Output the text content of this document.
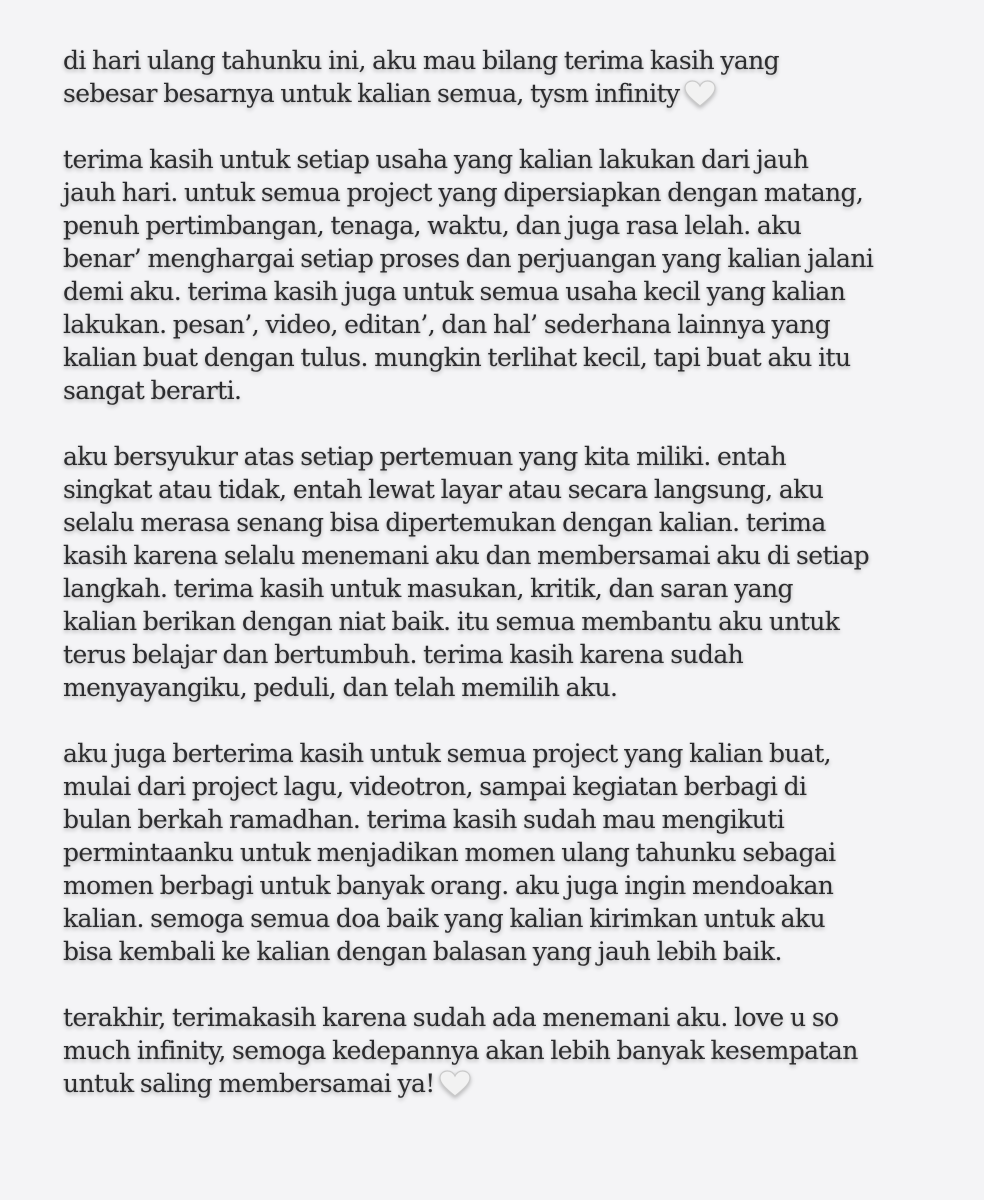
di hari ulang tahunku ini, aku mau bilang terima kasih yang
sebesar besarnya untuk kalian semua, tysm infinity
terima kasih untuk setiap usaha yang kalian lakukan dari jauh
jauh hari. untuk semua project yang dipersiapkan dengan matang,
penuh pertimbangan, tenaga, waktu, dan juga rasa lelah. aku
benar’ menghargai setiap proses dan perjuangan yang kalian jalani
demi aku. terima kasih juga untuk semua usaha kecil yang kalian
lakukan. pesan’, video, editan’, dan hal’ sederhana lainnya yang
kalian buat dengan tulus. mungkin terlihat kecil, tapi buat aku itu
sangat berarti.
aku bersyukur atas setiap pertemuan yang kita miliki. entah
singkat atau tidak, entah lewat layar atau secara langsung, aku
selalu merasa senang bisa dipertemukan dengan kalian. terima
kasih karena selalu menemani aku dan membersamai aku di setiap
langkah. terima kasih untuk masukan, kritik, dan saran yang
kalian berikan dengan niat baik. itu semua membantu aku untuk
terus belajar dan bertumbuh. terima kasih karena sudah
menyayangiku, peduli, dan telah memilih aku.
aku juga berterima kasih untuk semua project yang kalian buat,
mulai dari project lagu, videotron, sampai kegiatan berbagi di
bulan berkah ramadhan. terima kasih sudah mau mengikuti
permintaanku untuk menjadikan momen ulang tahunku sebagai
momen berbagi untuk banyak orang. aku juga ingin mendoakan
kalian. semoga semua doa baik yang kalian kirimkan untuk aku
bisa kembali ke kalian dengan balasan yang jauh lebih baik.
terakhir, terimakasih karena sudah ada menemani aku. love u so
much infinity, semoga kedepannya akan lebih banyak kesempatan
untuk saling membersamai ya!
